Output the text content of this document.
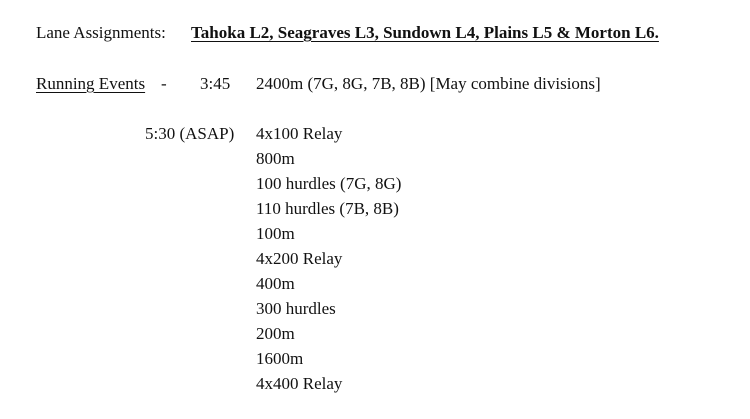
Lane Assignments: Tahoka L2, Seagraves L3, Sundown L4, Plains L5 & Morton L6.
Running Events - 3:45 2400m (7G, 8G, 7B, 8B) [May combine divisions]
5:30 (ASAP) 4x100 Relay
800m
100 hurdles (7G, 8G)
110 hurdles (7B, 8B)
100m
4x200 Relay
400m
300 hurdles
200m
1600m
4x400 Relay
